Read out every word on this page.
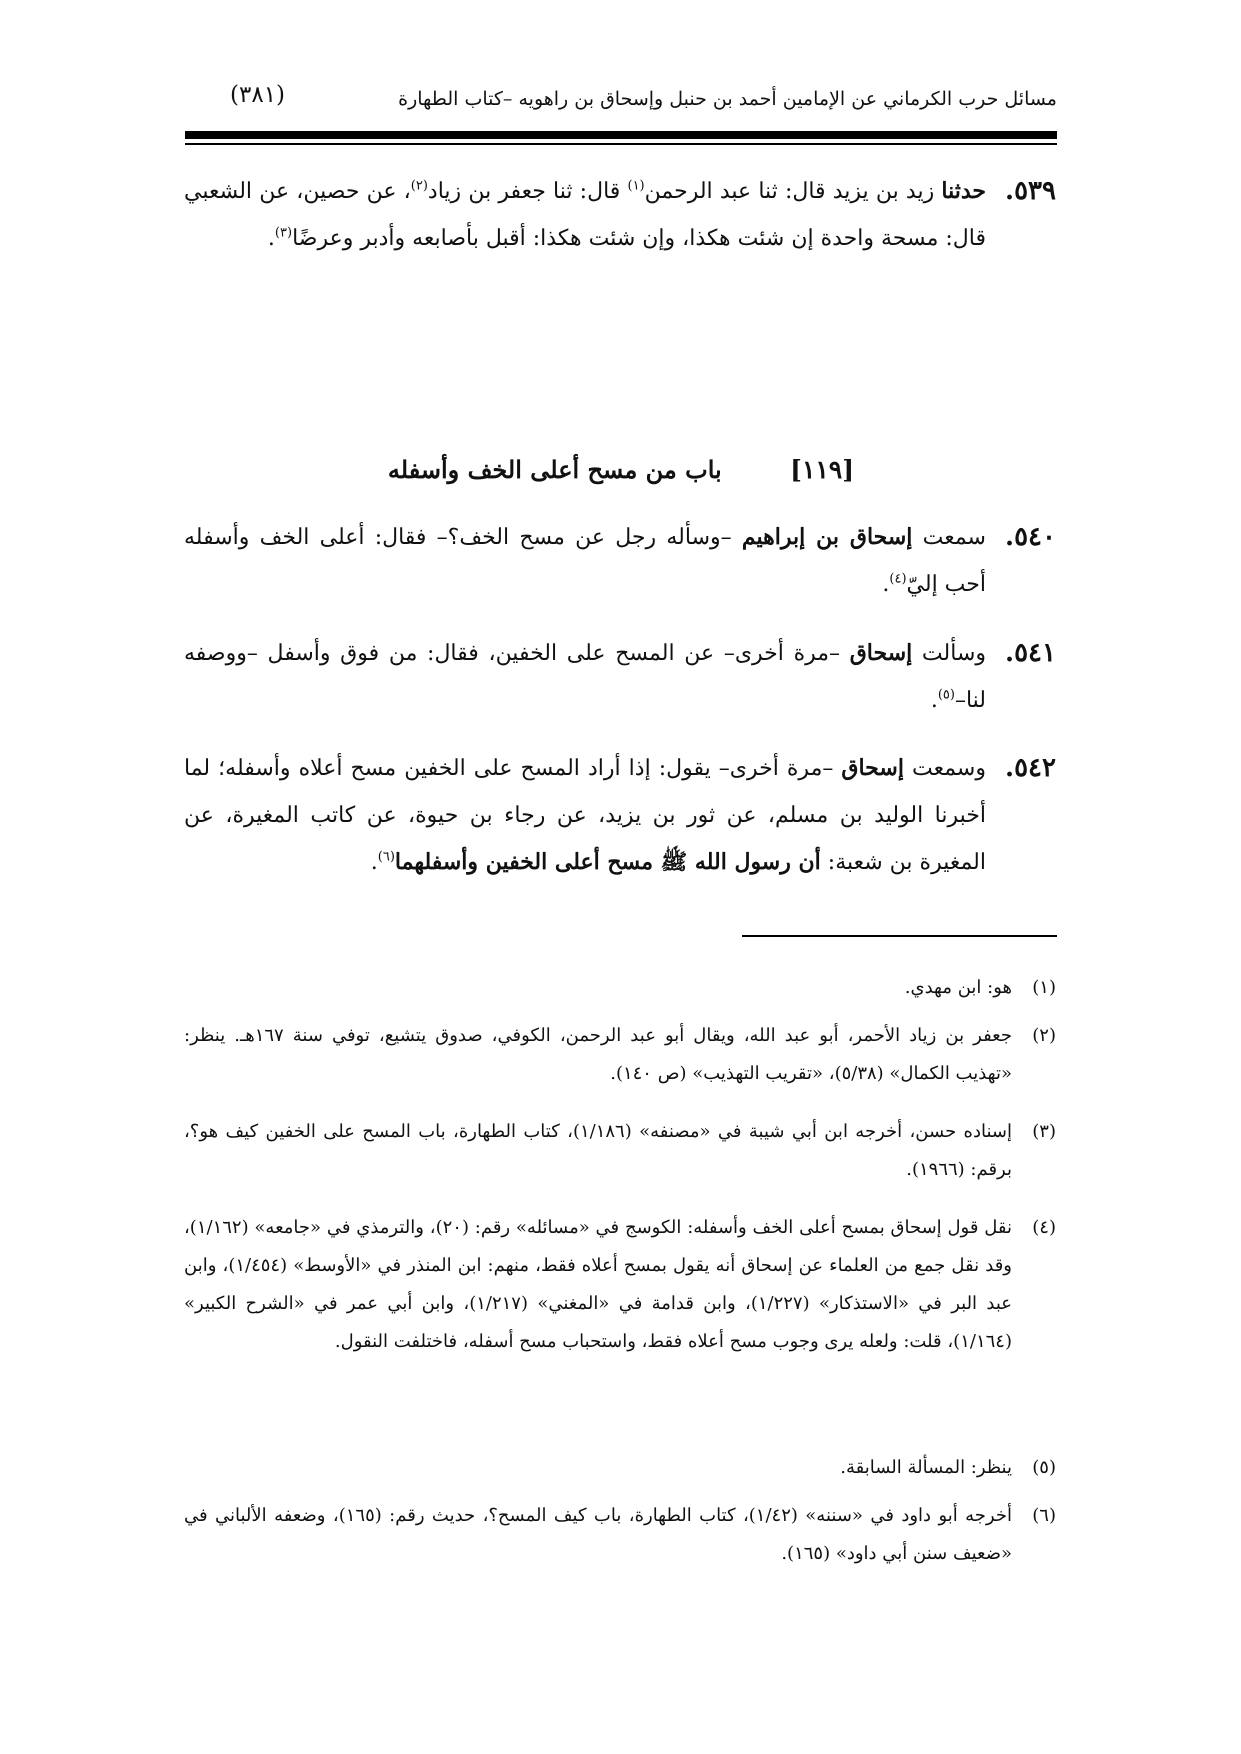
مسائل حرب الكرماني عن الإمامين أحمد بن حنبل وإسحاق بن راهويه –كتاب الطهارة
(٣٨١)
٥٣٩.
حدثنا زيد بن يزيد قال: ثنا عبد الرحمن$^{(١)}$ قال: ثنا جعفر بن زياد$^{(٢)}$، عن حصين، عن الشعبي قال: مسحة واحدة إن شئت هكذا، وإن شئت هكذا: أقبل بأصابعه وأدبر وعرضًا$^{(٣)}$.
[١١٩] باب من مسح أعلى الخف وأسفله
٥٤٠.
سمعت إسحاق بن إبراهيم –وسأله رجل عن مسح الخف؟– فقال: أعلى الخف وأسفله أحب إليّ$^{(٤)}$.
٥٤١.
وسألت إسحاق –مرة أخرى– عن المسح على الخفين، فقال: من فوق وأسفل –ووصفه لنا–$^{(٥)}$.
٥٤٢.
وسمعت إسحاق –مرة أخرى– يقول: إذا أراد المسح على الخفين مسح أعلاه وأسفله؛ لما أخبرنا الوليد بن مسلم، عن ثور بن يزيد، عن رجاء بن حيوة، عن كاتب المغيرة، عن المغيرة بن شعبة: أن رسول الله ﷺ مسح أعلى الخفين وأسفلهما$^{(٦)}$.
(١)
هو: ابن مهدي.
(٢)
جعفر بن زياد الأحمر، أبو عبد الله، ويقال أبو عبد الرحمن، الكوفي، صدوق يتشيع، توفي سنة ١٦٧هـ. ينظر: «تهذيب الكمال» (٥/٣٨)، «تقريب التهذيب» (ص ١٤٠).
(٣)
إسناده حسن، أخرجه ابن أبي شيبة في «مصنفه» (١/١٨٦)، كتاب الطهارة، باب المسح على الخفين كيف هو؟، برقم: (١٩٦٦).
(٤)
نقل قول إسحاق بمسح أعلى الخف وأسفله: الكوسج في «مسائله» رقم: (٢٠)، والترمذي في «جامعه» (١/١٦٢)، وقد نقل جمع من العلماء عن إسحاق أنه يقول بمسح أعلاه فقط، منهم: ابن المنذر في «الأوسط» (١/٤٥٤)، وابن عبد البر في «الاستذكار» (١/٢٢٧)، وابن قدامة في «المغني» (١/٢١٧)، وابن أبي عمر في «الشرح الكبير» (١/١٦٤)، قلت: ولعله يرى وجوب مسح أعلاه فقط، واستحباب مسح أسفله، فاختلفت النقول.
(٥)
ينظر: المسألة السابقة.
(٦)
أخرجه أبو داود في «سننه» (١/٤٢)، كتاب الطهارة، باب كيف المسح؟، حديث رقم: (١٦٥)، وضعفه الألباني في «ضعيف سنن أبي داود» (١٦٥).
